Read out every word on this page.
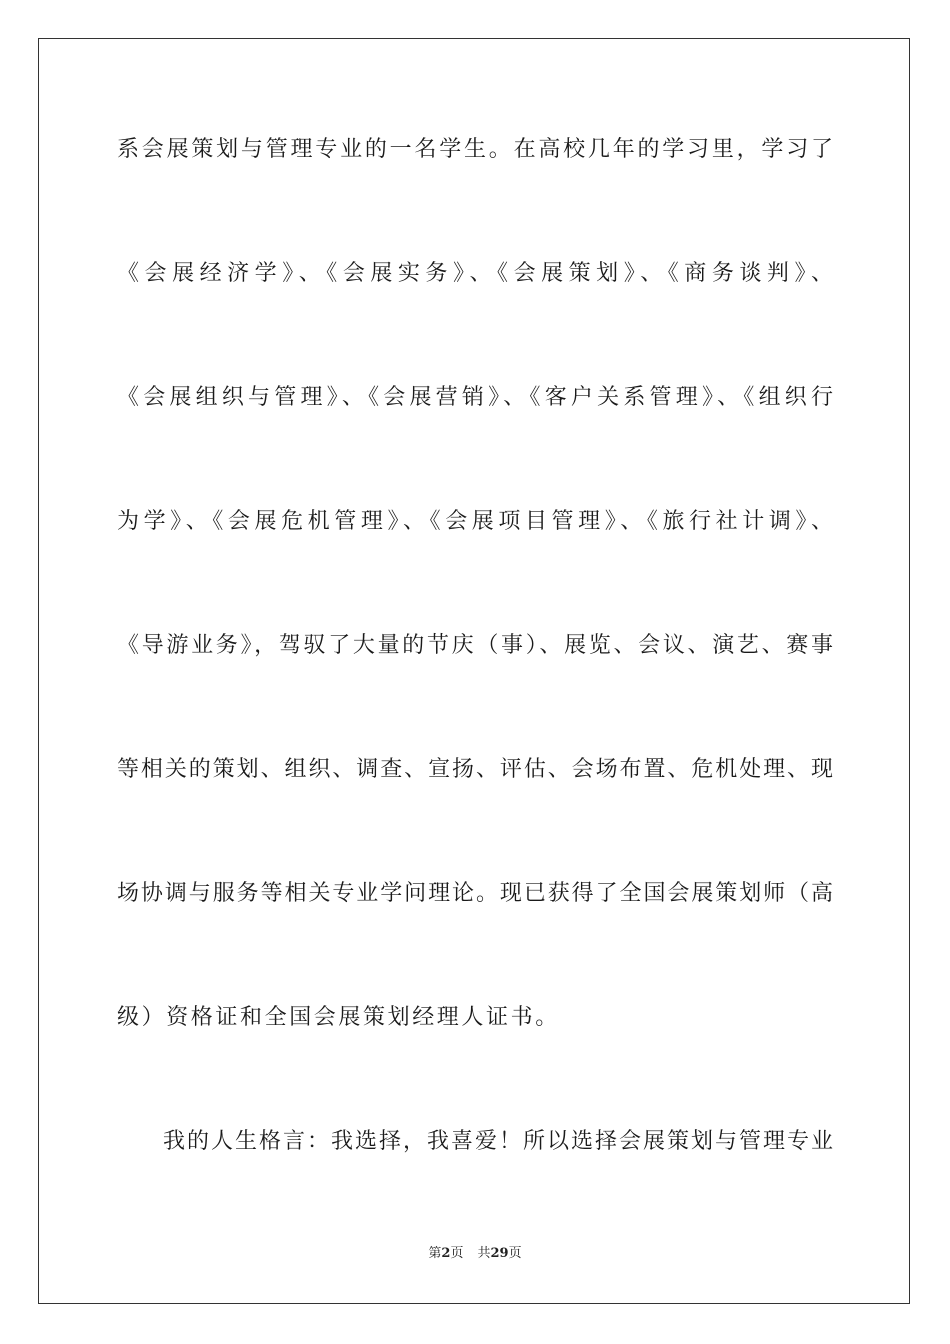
系会展策划与管理专业的一名学生。在高校几年的学习里，学习了
《会展经济学》、《会展实务》、《会展策划》、《商务谈判》、
《会展组织与管理》、《会展营销》、《客户关系管理》、《组织行
为学》、《会展危机管理》、《会展项目管理》、《旅行社计调》、
《导游业务》，驾驭了大量的节庆（事）、展览、会议、演艺、赛事
等相关的策划、组织、调查、宣扬、评估、会场布置、危机处理、现
场协调与服务等相关专业学问理论。现已获得了全国会展策划师（高
级）资格证和全国会展策划经理人证书。
我的人生格言：我选择，我喜爱！所以选择会展策划与管理专业
第2页 共29页
